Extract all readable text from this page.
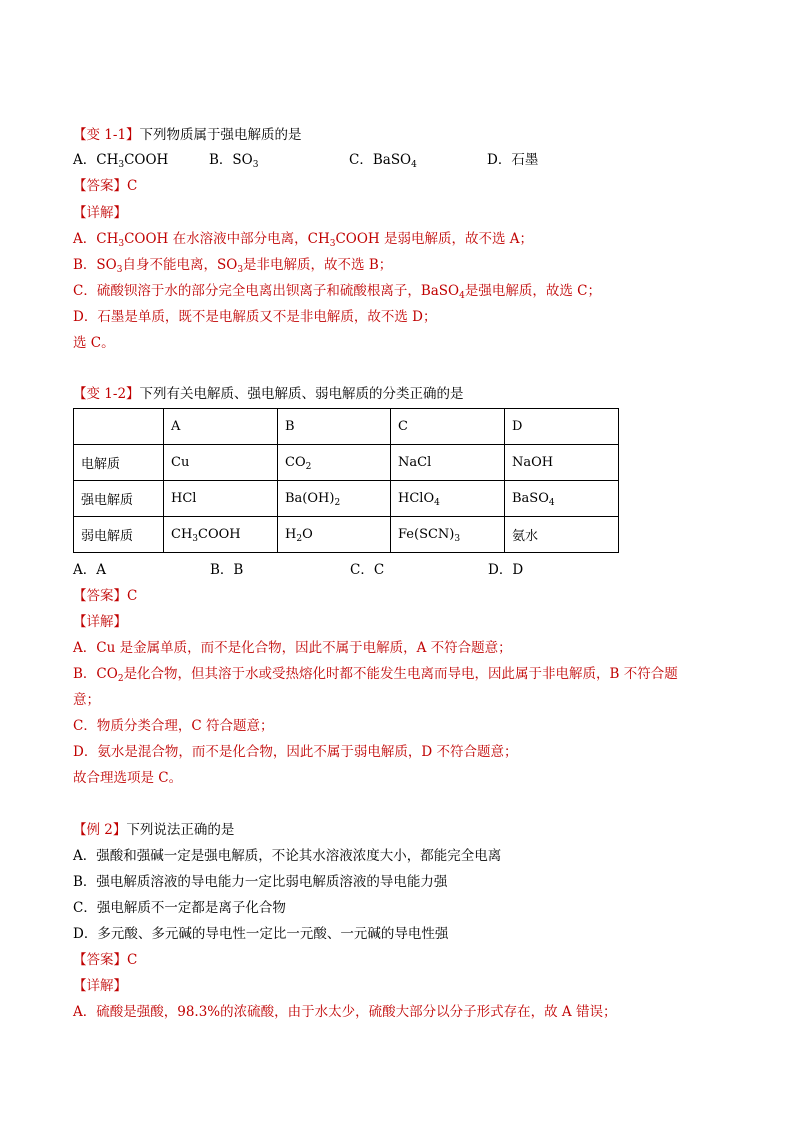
【变 1-1】下列物质属于强电解质的是
A．$CH_3COOH$	B．$SO_3$	C．BaSO$_4$	D．石墨
【答案】C
【详解】
A．$CH_3COOH$ 在水溶液中部分电离，$CH_3COOH$ 是弱电解质，故不选 A；
B．$SO_3$自身不能电离，$SO_3$是非电解质，故不选 B；
C．硫酸钡溶于水的部分完全电离出钡离子和硫酸根离子，BaSO$_4$是强电解质，故选 C；
D．石墨是单质，既不是电解质又不是非电解质，故不选 D；
选 C。
【变 1-2】下列有关电解质、强电解质、弱电解质的分类正确的是
	A	B	C	D
电解质	Cu	$CO_2$	NaCl	NaOH
强电解质	HCl	$Ba(OH)_2$	HClO$_4$	BaSO$_4$
弱电解质	$CH_3COOH$	$H_2O$	$Fe(SCN)_3$	氨水
A．A	B．B	C．C	D．D
【答案】C
【详解】
A．Cu 是金属单质，而不是化合物，因此不属于电解质，A 不符合题意；
B．$CO_2$是化合物，但其溶于水或受热熔化时都不能发生电离而导电，因此属于非电解质，B 不符合题
意；
C．物质分类合理，C 符合题意；
D．氨水是混合物，而不是化合物，因此不属于弱电解质，D 不符合题意；
故合理选项是 C。
【例 2】下列说法正确的是
A．强酸和强碱一定是强电解质，不论其水溶液浓度大小，都能完全电离
B．强电解质溶液的导电能力一定比弱电解质溶液的导电能力强
C．强电解质不一定都是离子化合物
D．多元酸、多元碱的导电性一定比一元酸、一元碱的导电性强
【答案】C
【详解】
A．硫酸是强酸，98.3%的浓硫酸，由于水太少，硫酸大部分以分子形式存在，故 A 错误；
